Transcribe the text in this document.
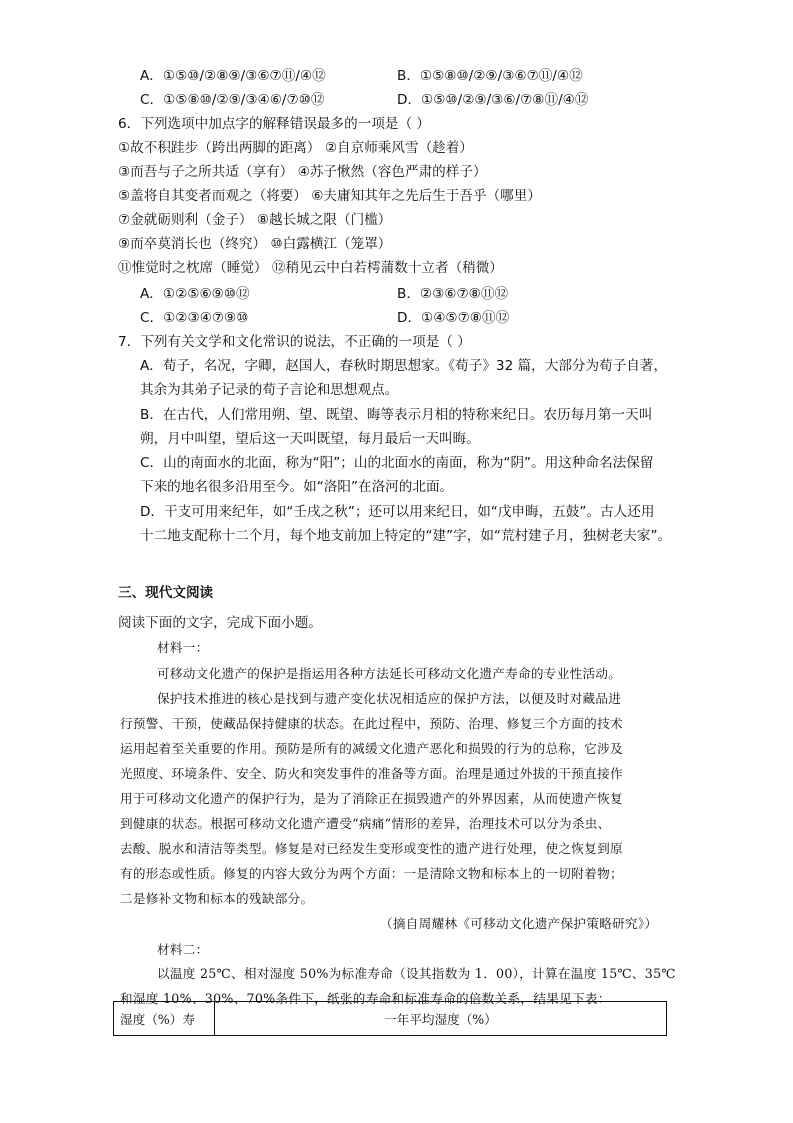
A．①⑤⑩/②⑧⑨/③⑥⑦⑪/④⑫	B．①⑤⑧⑩/②⑨/③⑥⑦⑪/④⑫
C．①⑤⑧⑩/②⑨/③④⑥/⑦⑩⑫	D．①⑤⑩/②⑨/③⑥/⑦⑧⑪/④⑫
6．下列选项中加点字的解释错误最多的一项是（ ）
①故不积跬步（跨出两脚的距离） ②自京师乘风雪（趁着）
③而吾与子之所共适（享有） ④苏子愀然（容色严肃的样子）
⑤盖将自其变者而观之（将要） ⑥夫庸知其年之先后生于吾乎（哪里）
⑦金就砺则利（金子） ⑧越长城之限（门槛）
⑨而卒莫消长也（终究） ⑩白露横江（笼罩）
⑪惟觉时之枕席（睡觉） ⑫稍见云中白若樗蒲数十立者（稍微）
A．①②⑤⑥⑨⑩⑫	B．②③⑥⑦⑧⑪⑫
C．①②③④⑦⑨⑩	D．①④⑤⑦⑧⑪⑫
7．下列有关文学和文化常识的说法，不正确的一项是（ ）
A．荀子，名况，字卿，赵国人，春秋时期思想家。《荀子》32 篇，大部分为荀子自著，
其余为其弟子记录的荀子言论和思想观点。
B．在古代，人们常用朔、望、既望、晦等表示月相的特称来纪日。农历每月第一天叫
朔，月中叫望，望后这一天叫既望，每月最后一天叫晦。
C．山的南面水的北面，称为“阳”；山的北面水的南面，称为“阴”。用这种命名法保留
下来的地名很多沿用至今。如“洛阳”在洛河的北面。
D．干支可用来纪年，如“壬戌之秋”；还可以用来纪日，如“戊申晦，五鼓”。古人还用
十二地支配称十二个月，每个地支前加上特定的“建”字，如“荒村建子月，独树老夫家”。
三、现代文阅读
阅读下面的文字，完成下面小题。
材料一：
可移动文化遗产的保护是指运用各种方法延长可移动文化遗产寿命的专业性活动。
保护技术推进的核心是找到与遗产变化状况相适应的保护方法，以便及时对藏品进
行预警、干预，使藏品保持健康的状态。在此过程中，预防、治理、修复三个方面的技术
运用起着至关重要的作用。预防是所有的减缓文化遗产恶化和损毁的行为的总称，它涉及
光照度、环境条件、安全、防火和突发事件的准备等方面。治理是通过外拔的干预直接作
用于可移动文化遗产的保护行为，是为了消除正在损毁遗产的外界因素，从而使遗产恢复
到健康的状态。根据可移动文化遗产遭受“病痛”情形的差异，治理技术可以分为杀虫、
去酸、脱水和清洁等类型。修复是对已经发生变形或变性的遗产进行处理，使之恢复到原
有的形态或性质。修复的内容大致分为两个方面：一是清除文物和标本上的一切附着物；
二是修补文物和标本的残缺部分。
（摘自周耀林《可移动文化遗产保护策略研究》）
材料二：
以温度 25℃、相对湿度 50%为标准寿命（设其指数为 1．00），计算在温度 15℃、35℃
和湿度 10%、30%、70%条件下，纸张的寿命和标准寿命的倍数关系，结果见下表：
湿度（%）寿	一年平均湿度（%）
